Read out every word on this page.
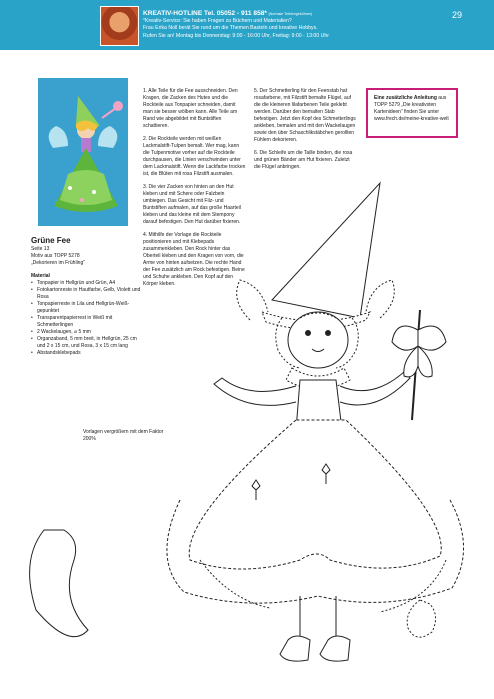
KREATIV-HOTLINE Tel. 05052 - 911 858* (Normale Telefongebühren)
*Kreativ-Service: Sie haben Fragen zu Büchern und Materialien?
Frau Erika Noll berät Sie rund um die Themen Basteln und kreative Hobbys.
Rufen Sie an! Montag bis Donnerstag: 9:00 - 16:00 Uhr, Freitag: 9:00 - 13:00 Uhr
29
Grüne Fee
Seite 13
Motiv aus TOPP 5278
„Dekorieren im Frühling“
Material
• Tonpapier in Hellgrün und Grün, A4
• Fotokartonreste in Hautfarbe, Gelb, Violett und Rosa
• Tonpapierreste in Lila und Hellgrün-Weiß-gepunktet
• Transparentpapierrest in Weiß mit Schmetterlingen
• 2 Wackelaugen, ⌀ 5 mm
• Organzaband, 5 mm breit, in Hellgrün, 25 cm und 2 x 15 cm, und Rosa, 3 x 15 cm lang
• Abstandsklebepads

1. Alle Teile für die Fee ausschneiden. Den Kragen, die Zacken des Hutes und die Rockteile aus Tonpapier schneiden, damit man sie besser wölben kann. Alle Teile am Rand wie abgebildet mit Buntstiften schattieren.

2. Die Rockteile werden mit weißen Lackmalstift-Tulpen bemalt. Wer mag, kann die Tulpenmotive vorher auf die Rockteile durchpausen, die Linien verschwinden unter dem Lackmalstift. Wenn die Lackfarbe trocken ist, die Blüten mit rosa Filzstift ausmalen.

3. Die vier Zacken von hinten an den Hut kleben und mit Schere oder Falzbein umbiegen. Das Gesicht mit Filz- und Buntstiften aufmalen, auf das große Haarteil kleben und das kleine mit dem Stempony darauf befestigen. Den Hut darüber fixieren.

4. Mithilfe der Vorlage die Rockteile positionieren und mit Klebepads zusammenkleben. Den Rock hinter das Oberteil kleben und den Kragen von vorn, die Arme von hinten aufsetzen. Die rechte Hand der Fee zusätzlich am Rock befestigen. Beine und Schuhe ankleben. Den Kopf auf den Körper kleben.

5. Der Schmetterling für den Feenstab hat rosafarbene, mit Filzstift bemalte Flügel, auf die die kleineren lilafarbenen Teile geklebt werden. Darüber den bemalten Stab befestigen. Jetzt den Kopf des Schmetterlings ankleben, bemalen und mit den Wackelaugen sowie den über Schaschlikstäbchen gerollten Fühlern dekorieren.

6. Die Schleife um die Taille binden, die rosa und grünen Bänder am Hut fixieren. Zuletzt die Flügel anbringen.

Eine zusätzliche Anleitung aus TOPP 5279 „Die kreativsten Kartenideen“ finden Sie unter www.frech.de/meine-kreative-welt
Vorlagen vergrößern mit dem Faktor 200%
